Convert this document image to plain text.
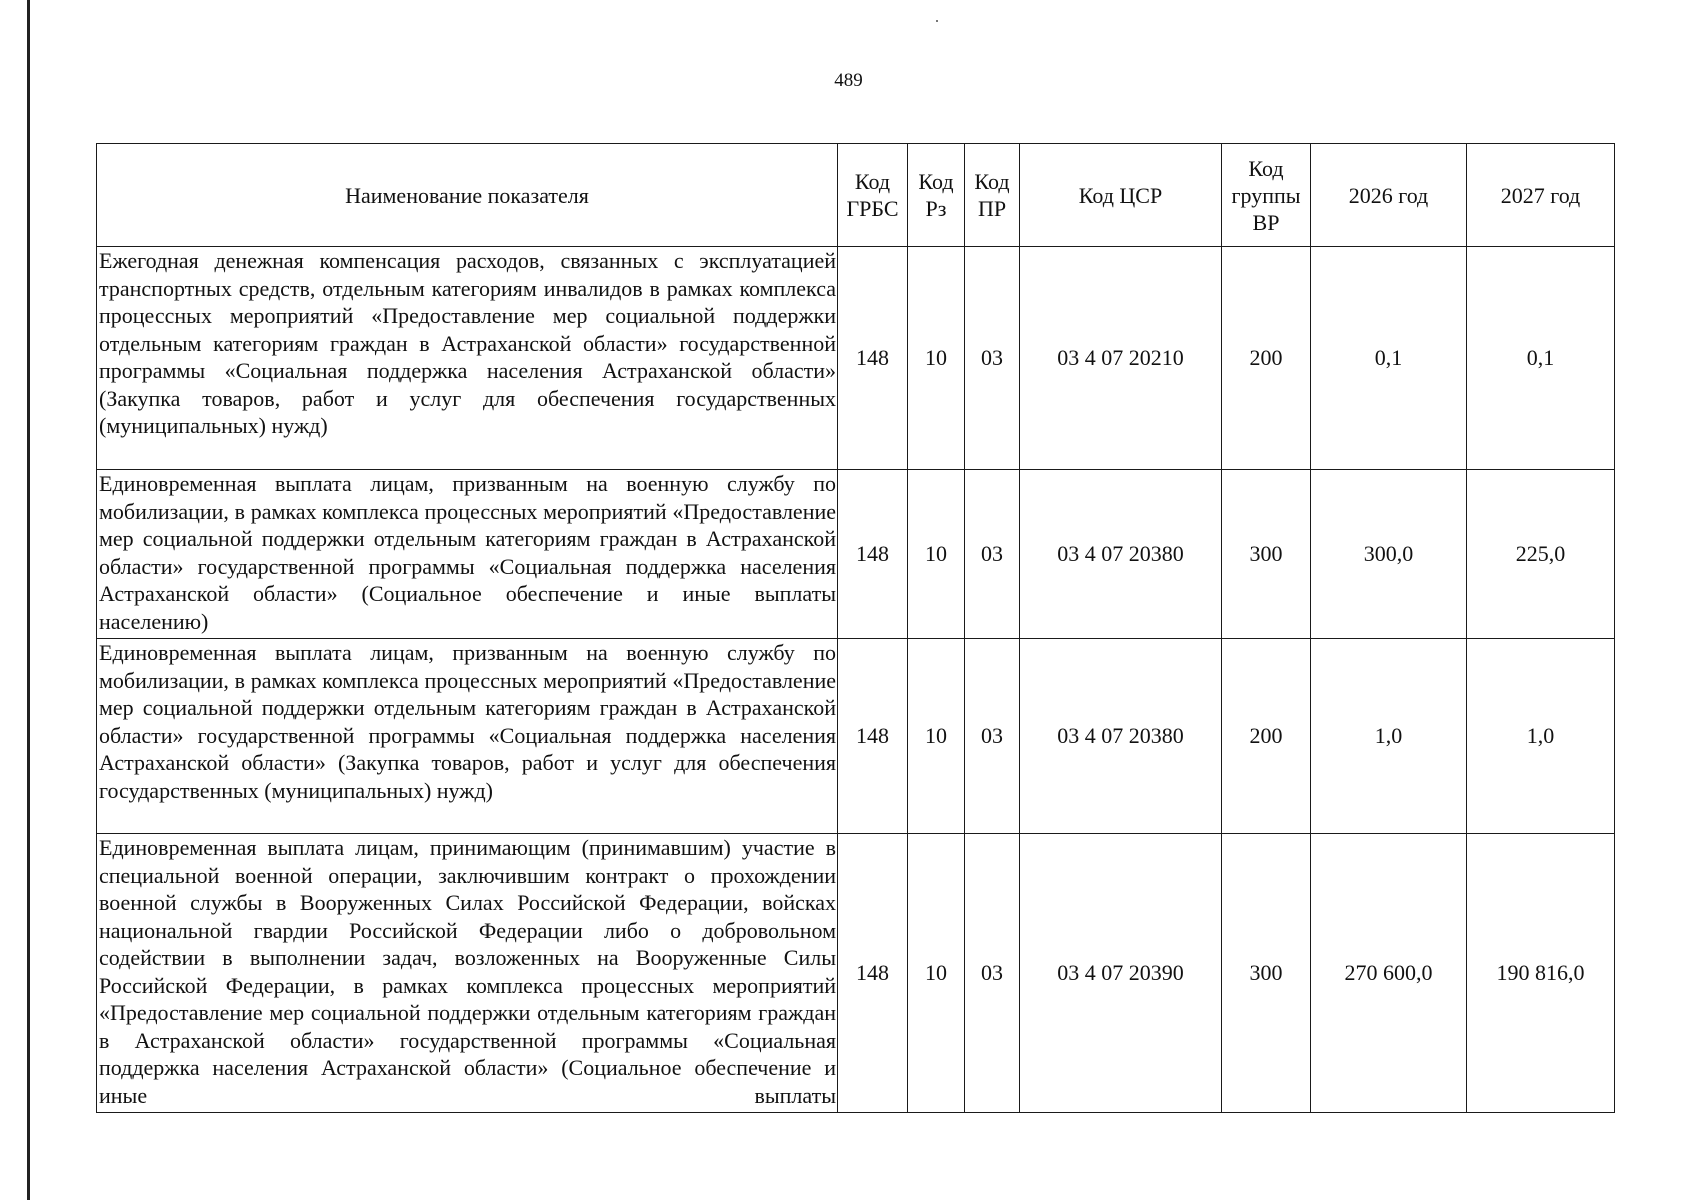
489
Наименование показателя	Код ГРБС	Код Рз	Код ПР	Код ЦСР	Код группы ВР	2026 год	2027 год

Ежегодная денежная компенсация расходов, связанных с эксплуатацией транспортных средств, отдельным категориям инвалидов в рамках комплекса процессных мероприятий «Предоставление мер социальной поддержки отдельным категориям граждан в Астраханской области» государственной программы «Социальная поддержка населения Астраханской области» (Закупка товаров, работ и услуг для обеспечения государственных (муниципальных) нужд)	148	10	03	03 4 07 20210	200	0,1	0,1

Единовременная выплата лицам, призванным на военную службу по мобилизации, в рамках комплекса процессных мероприятий «Предоставление мер социальной поддержки отдельным категориям граждан в Астраханской области» государственной программы «Социальная поддержка населения Астраханской области» (Социальное обеспечение и иные выплаты населению)	148	10	03	03 4 07 20380	300	300,0	225,0

Единовременная выплата лицам, призванным на военную службу по мобилизации, в рамках комплекса процессных мероприятий «Предоставление мер социальной поддержки отдельным категориям граждан в Астраханской области» государственной программы «Социальная поддержка населения Астраханской области» (Закупка товаров, работ и услуг для обеспечения государственных (муниципальных) нужд)	148	10	03	03 4 07 20380	200	1,0	1,0

Единовременная выплата лицам, принимающим (принимавшим) участие в специальной военной операции, заключившим контракт о прохождении военной службы в Вооруженных Силах Российской Федерации, войсках национальной гвардии Российской Федерации либо о добровольном содействии в выполнении задач, возложенных на Вооруженные Силы Российской Федерации, в рамках комплекса процессных мероприятий «Предоставление мер социальной поддержки отдельным категориям граждан в Астраханской области» государственной программы «Социальная поддержка населения Астраханской области» (Социальное обеспечение и иные выплаты	148	10	03	03 4 07 20390	300	270 600,0	190 816,0
